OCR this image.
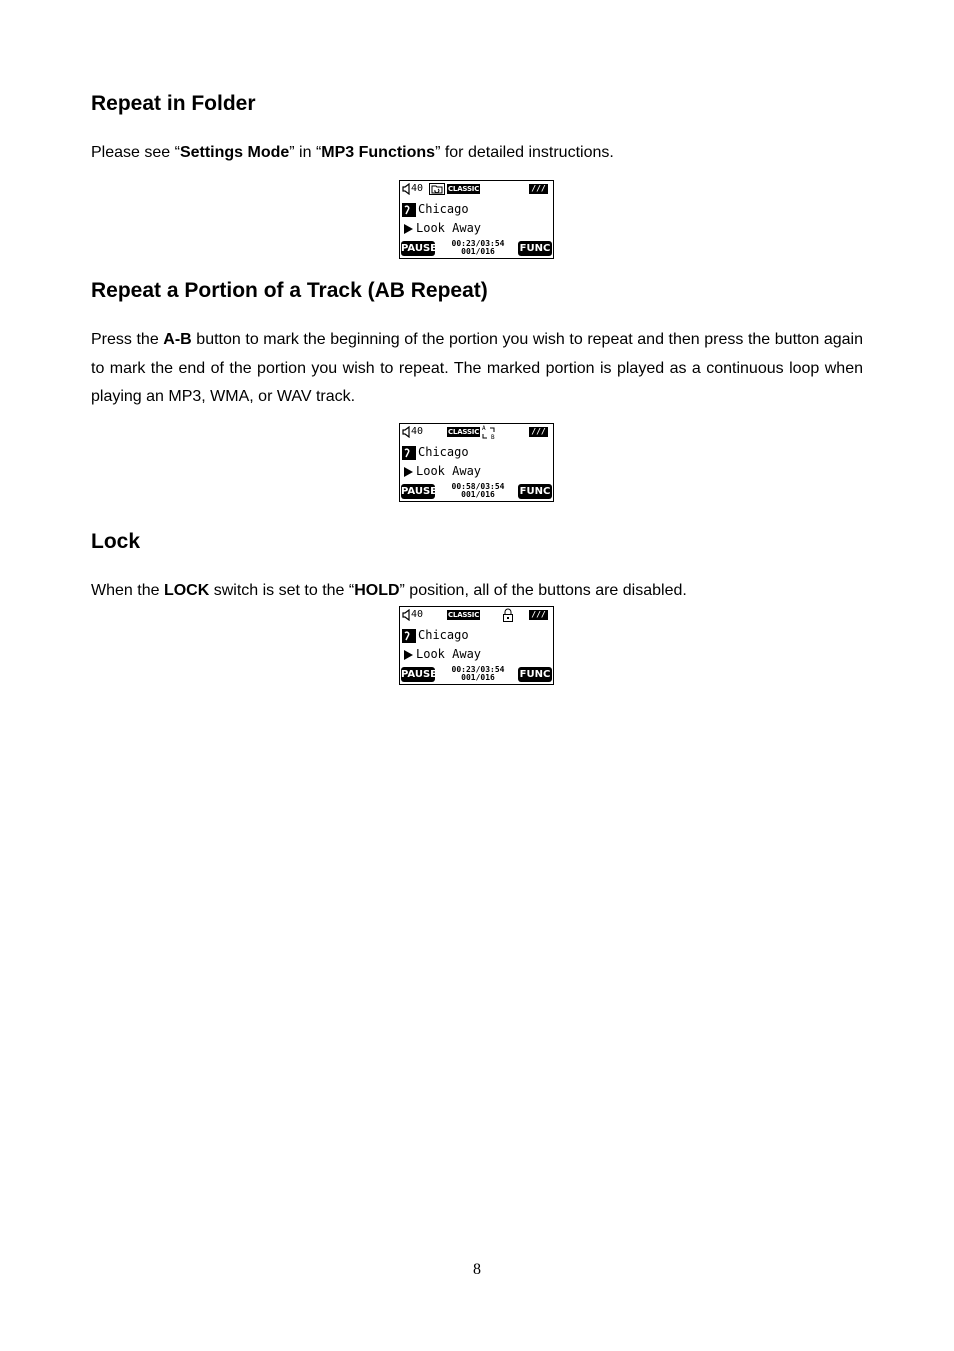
Repeat in Folder

Please see “Settings Mode” in “MP3 Functions” for detailed instructions.

40	CLASSIC	///
Chicago
Look Away
PAUSE	00:23/03:54
001/016	FUNC
Repeat a Portion of a Track (AB Repeat)

Press the A-B button to mark the beginning of the portion you wish to repeat and then press the button again to mark the end of the portion you wish to repeat. The marked portion is played as a continuous loop when playing an MP3, WMA, or WAV track.

40	CLASSIC A
B
///
Chicago
Look Away
PAUSE	00:58/03:54
001/016	FUNC
Lock

When the LOCK switch is set to the “HOLD” position, all of the buttons are disabled.

40	CLASSIC	///
Chicago
Look Away
PAUSE	00:23/03:54
001/016	FUNC
8
